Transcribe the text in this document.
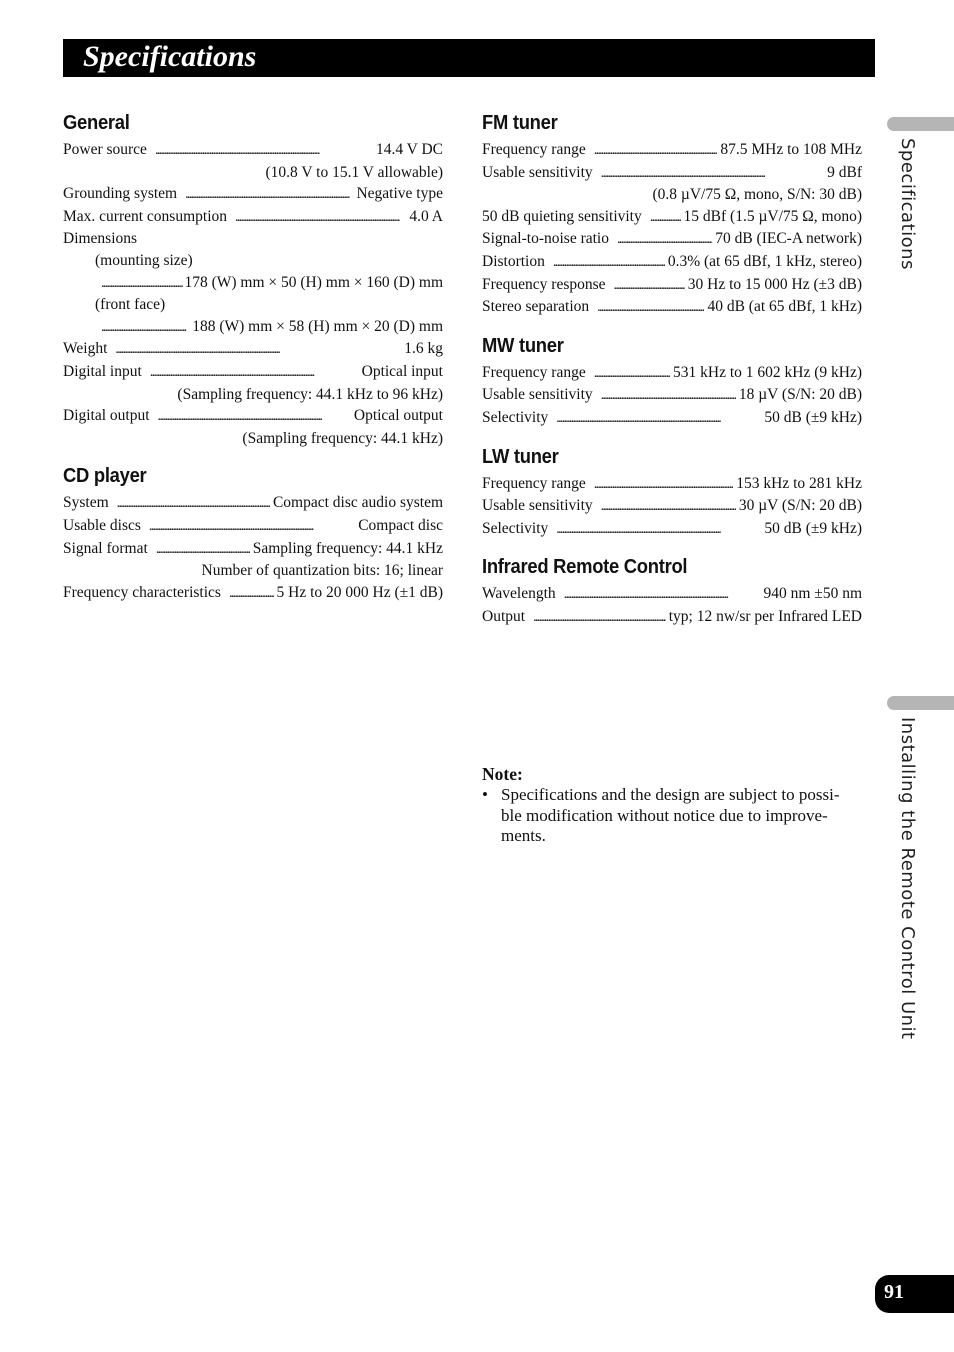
Specifications
General
Power source . . .	14.4 V DC
(10.8 V to 15.1 V allowable)
Grounding system . . .	Negative type
Max. current consumption . . .	4.0 A
Dimensions
(mounting size)
. . .
178 (W) mm × 50 (H) mm × 160 (D) mm
(front face)
. . .
188 (W) mm × 58 (H) mm × 20 (D) mm
Weight . . .	1.6 kg
Digital input . . .	Optical input
(Sampling frequency: 44.1 kHz to 96 kHz)
Digital output . . .	Optical output
(Sampling frequency: 44.1 kHz)
CD player
System . . .	Compact disc audio system
Usable discs . . .	Compact disc
Signal format . . .	Sampling frequency: 44.1 kHz
Number of quantization bits: 16; linear
Frequency characteristics . . .	5 Hz to 20 000 Hz (±1 dB)
FM tuner
Frequency range . . .	87.5 MHz to 108 MHz
Usable sensitivity . . .	9 dBf
(0.8 µV/75 Ω, mono, S/N: 30 dB)
50 dB quieting sensitivity . . .	15 dBf (1.5 µV/75 Ω, mono)
Signal-to-noise ratio . . .	70 dB (IEC-A network)
Distortion . . .	0.3% (at 65 dBf, 1 kHz, stereo)
Frequency response . . .	30 Hz to 15 000 Hz (±3 dB)
Stereo separation . . .	40 dB (at 65 dBf, 1 kHz)
MW tuner
Frequency range . . .	531 kHz to 1 602 kHz (9 kHz)
Usable sensitivity . . .	18 µV (S/N: 20 dB)
Selectivity . . .	50 dB (±9 kHz)
LW tuner
Frequency range . . .	153 kHz to 281 kHz
Usable sensitivity . . .	30 µV (S/N: 20 dB)
Selectivity . . .	50 dB (±9 kHz)
Infrared Remote Control
Wavelength . . .	940 nm ±50 nm
Output . . .	typ; 12 nw/sr per Infrared LED
Note:
• Specifications and the design are subject to possi-
ble modification without notice due to improve-
ments.
Specifications
Installing the Remote Control Unit
91
